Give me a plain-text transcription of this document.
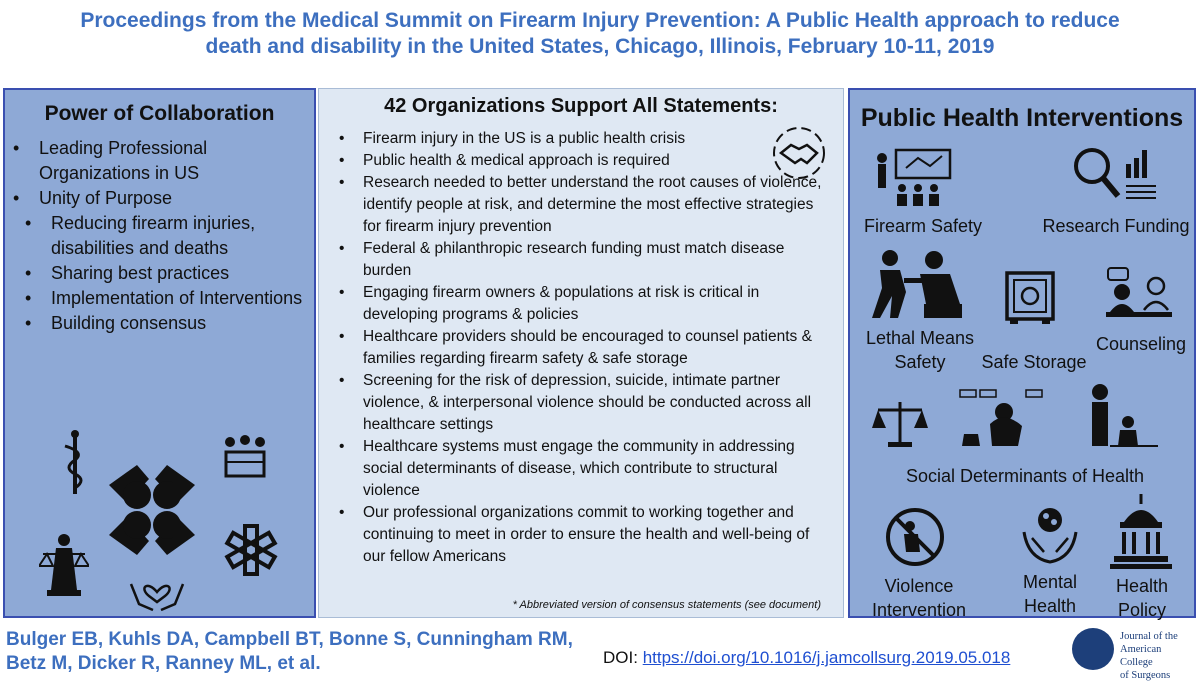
Proceedings from the Medical Summit on Firearm Injury Prevention: A Public Health approach to reduce
death and disability in the United States, Chicago, Illinois, February 10-11, 2019
Power of Collaboration
• Leading Professional Organizations in US
• Unity of Purpose
• Reducing firearm injuries, disabilities and deaths
• Sharing best practices
• Implementation of Interventions
• Building consensus
42 Organizations Support All Statements:
• Firearm injury in the US is a public health crisis
• Public health & medical approach is required
• Research needed to better understand the root causes of violence, identify people at risk, and determine the most effective strategies for firearm injury prevention
• Federal & philanthropic research funding must match disease burden
• Engaging firearm owners & populations at risk is critical in developing programs & policies
• Healthcare providers should be encouraged to counsel patients & families regarding firearm safety & safe storage
• Screening for the risk of depression, suicide, intimate partner violence, & interpersonal violence should be conducted across all healthcare settings
• Healthcare systems must engage the community in addressing social determinants of disease, which contribute to structural violence
• Our professional organizations commit to working together and continuing to meet in order to ensure the health and well-being of our fellow Americans
* Abbreviated version of consensus statements (see document)
Public Health Interventions
Firearm Safety	Research Funding
Lethal Means
Safety	Safe Storage
Counseling
Social Determinants of Health
Violence
Intervention
Mental
Health
Health
Policy
Bulger EB, Kuhls DA, Campbell BT, Bonne S, Cunningham RM,
Betz M, Dicker R, Ranney ML, et al.	DOI: https://doi.org/10.1016/j.jamcollsurg.2019.05.018
Journal of the
American College
of Surgeons
